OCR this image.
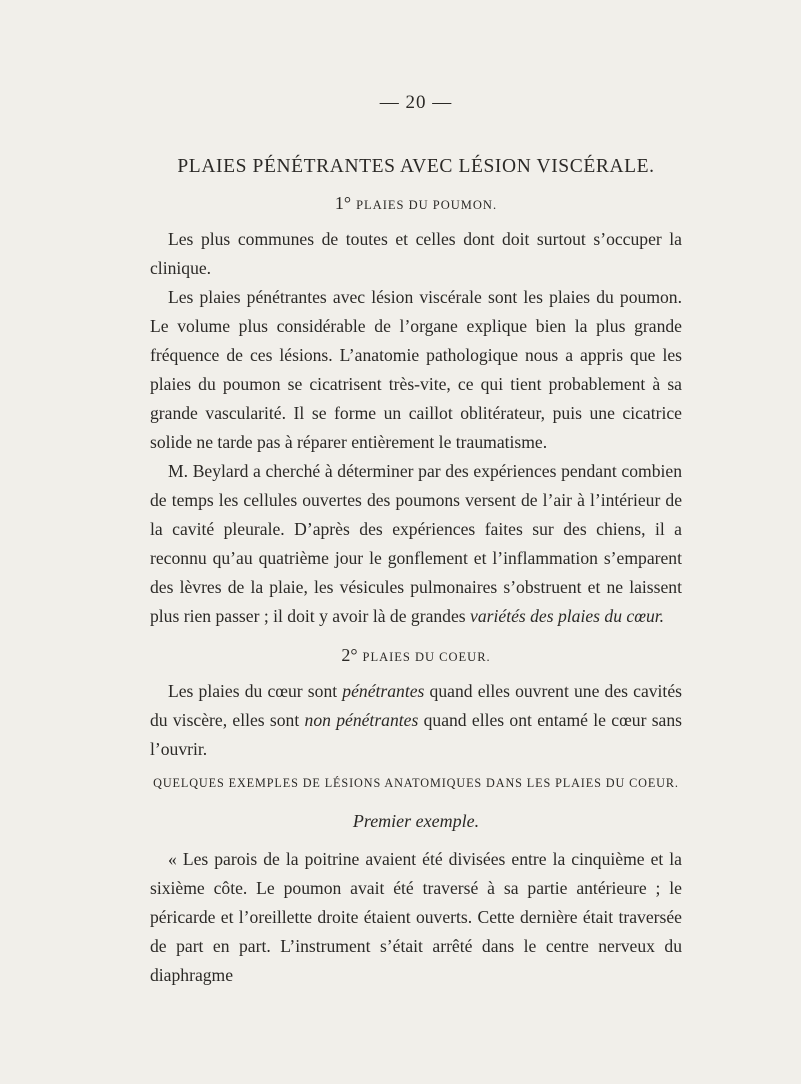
— 20 —
PLAIES PÉNÉTRANTES AVEC LÉSION VISCÉRALE.
1° PLAIES DU POUMON.

Les plus communes de toutes et celles dont doit surtout s’occuper la clinique.

Les plaies pénétrantes avec lésion viscérale sont les plaies du poumon. Le volume plus considérable de l’organe explique bien la plus grande fréquence de ces lésions. L’anatomie pathologique nous a appris que les plaies du poumon se cicatrisent très-vite, ce qui tient probablement à sa grande vascularité. Il se forme un caillot oblitérateur, puis une cicatrice solide ne tarde pas à réparer entièrement le traumatisme.

M. Beylard a cherché à déterminer par des expériences pendant combien de temps les cellules ouvertes des poumons versent de l’air à l’intérieur de la cavité pleurale. D’après des expériences faites sur des chiens, il a reconnu qu’au quatrième jour le gonflement et l’inflammation s’emparent des lèvres de la plaie, les vésicules pulmonaires s’obstruent et ne laissent plus rien passer ; il doit y avoir là de grandes variétés des plaies du cœur.

2° PLAIES DU COEUR.

Les plaies du cœur sont pénétrantes quand elles ouvrent une des cavités du viscère, elles sont non pénétrantes quand elles ont entamé le cœur sans l’ouvrir.

QUELQUES EXEMPLES DE LÉSIONS ANATOMIQUES DANS LES PLAIES DU COEUR.
Premier exemple.

« Les parois de la poitrine avaient été divisées entre la cinquième et la sixième côte. Le poumon avait été traversé à sa partie antérieure ; le péricarde et l’oreillette droite étaient ouverts. Cette dernière était traversée de part en part. L’instrument s’était arrêté dans le centre nerveux du diaphragme
